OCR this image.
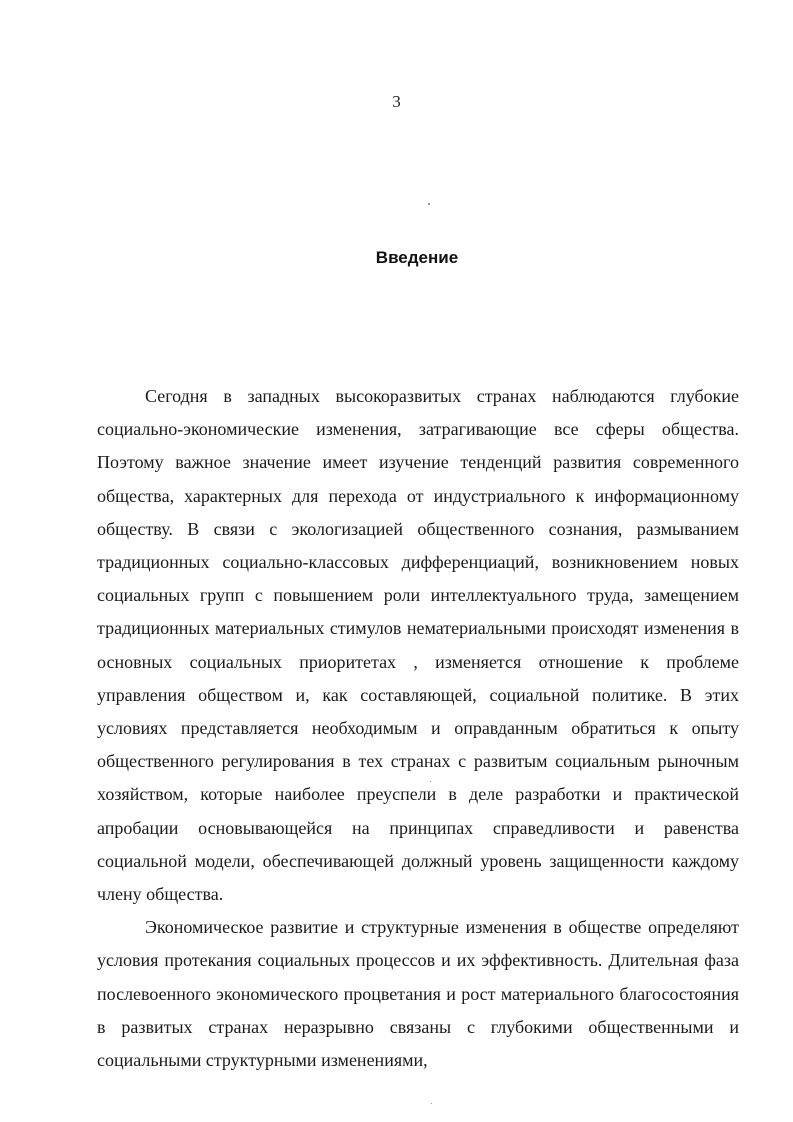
3
Введение

Сегодня в западных высокоразвитых странах наблюдаются глубокие социально-экономические изменения, затрагивающие все сферы общества. Поэтому важное значение имеет изучение тенденций развития современного общества, характерных для перехода от индустриального к информационному обществу. В связи с экологизацией общественного сознания, размыванием традиционных социально-классовых дифференциаций, возникновением новых социальных групп с повышением роли интеллектуального труда, замещением традиционных материальных стимулов нематериальными происходят изменения в основных социальных приоритетах , изменяется отношение к проблеме управления обществом и, как составляющей, социальной политике. В этих условиях представляется необходимым и оправданным обратиться к опыту общественного регулирования в тех странах с развитым социальным рыночным хозяйством, которые наиболее преуспели в деле разработки и практической апробации основывающейся на принципах справедливости и равенства социальной модели, обеспечивающей должный уровень защищенности каждому члену общества.

Экономическое развитие и структурные изменения в обществе определяют условия протекания социальных процессов и их эффективность. Длительная фаза послевоенного экономического процветания и рост материального благосостояния в развитых странах неразрывно связаны с глубокими общественными и социальными структурными изменениями,
